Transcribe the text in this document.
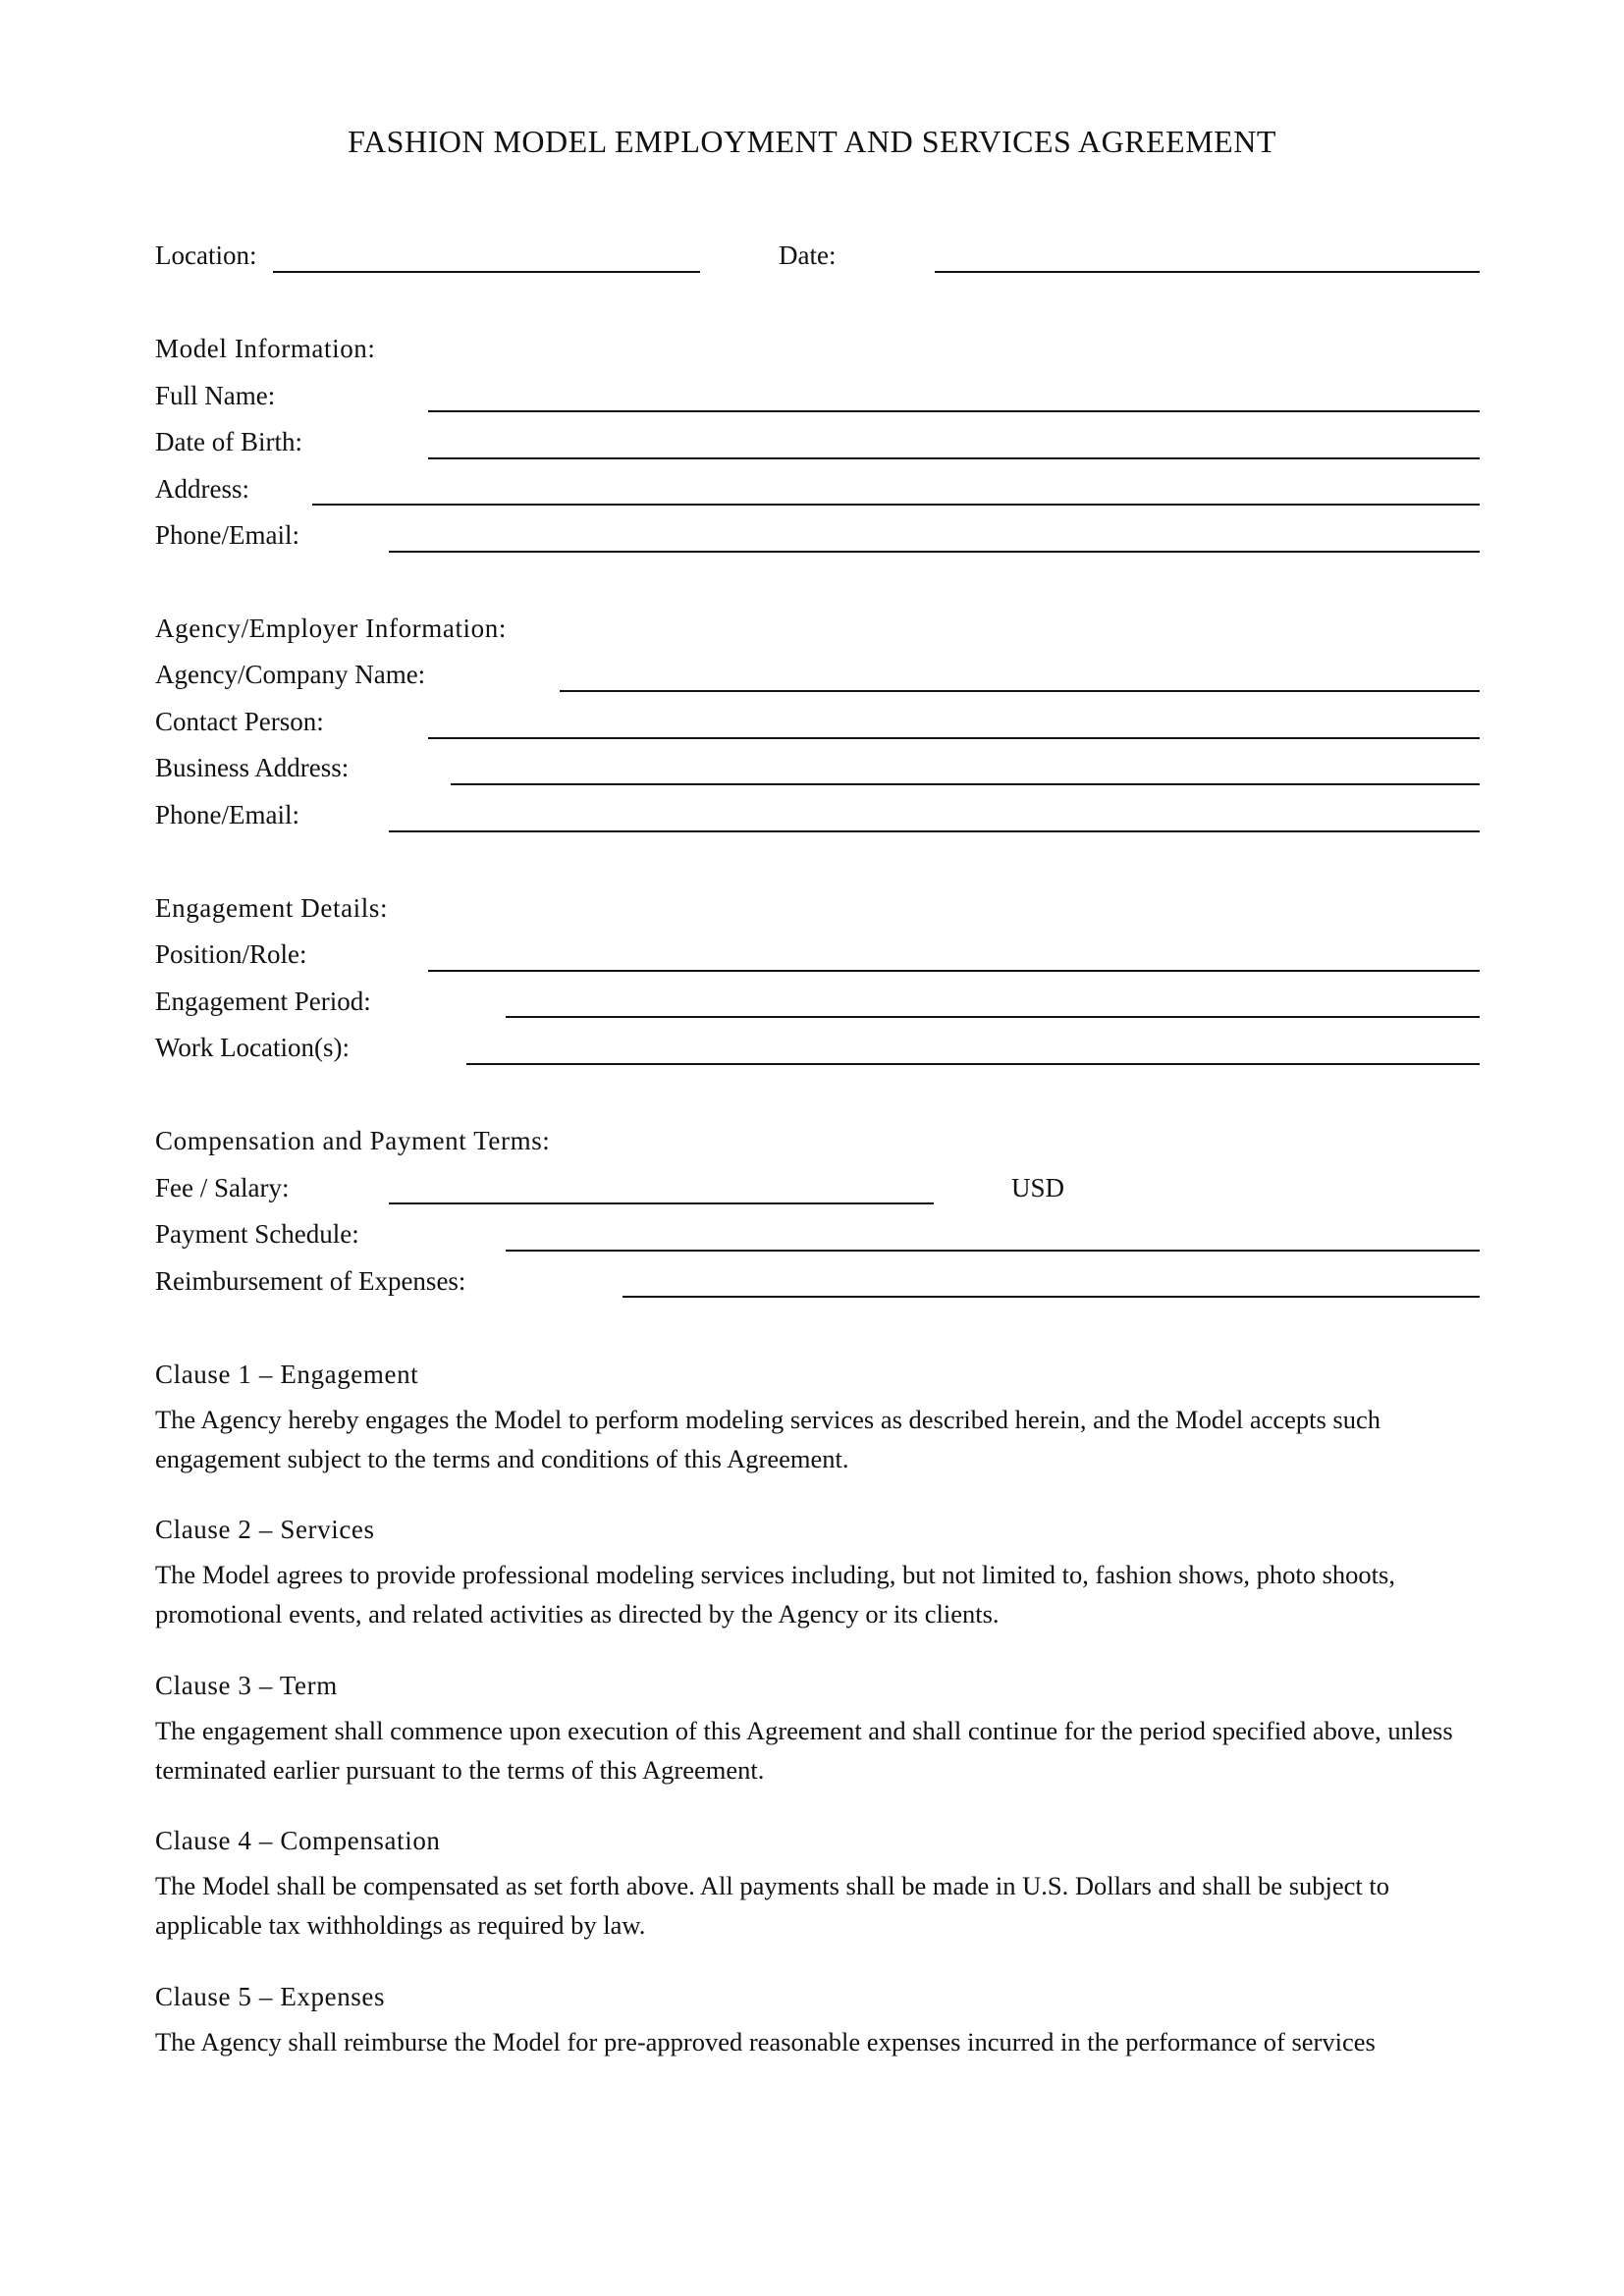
FASHION MODEL EMPLOYMENT AND SERVICES AGREEMENT
Location:	Date:
Model Information:
Full Name:
Date of Birth:
Address:
Phone/Email:
Agency/Employer Information:
Agency/Company Name:
Contact Person:
Business Address:
Phone/Email:
Engagement Details:
Position/Role:
Engagement Period:
Work Location(s):
Compensation and Payment Terms:
Fee / Salary:	USD
Payment Schedule:
Reimbursement of Expenses:
Clause 1 – Engagement
The Agency hereby engages the Model to perform modeling services as described herein, and the Model accepts such engagement subject to the terms and conditions of this Agreement.
Clause 2 – Services
The Model agrees to provide professional modeling services including, but not limited to, fashion shows, photo shoots, promotional events, and related activities as directed by the Agency or its clients.
Clause 3 – Term
The engagement shall commence upon execution of this Agreement and shall continue for the period specified above, unless terminated earlier pursuant to the terms of this Agreement.
Clause 4 – Compensation
The Model shall be compensated as set forth above. All payments shall be made in U.S. Dollars and shall be subject to applicable tax withholdings as required by law.
Clause 5 – Expenses
The Agency shall reimburse the Model for pre-approved reasonable expenses incurred in the performance of services
